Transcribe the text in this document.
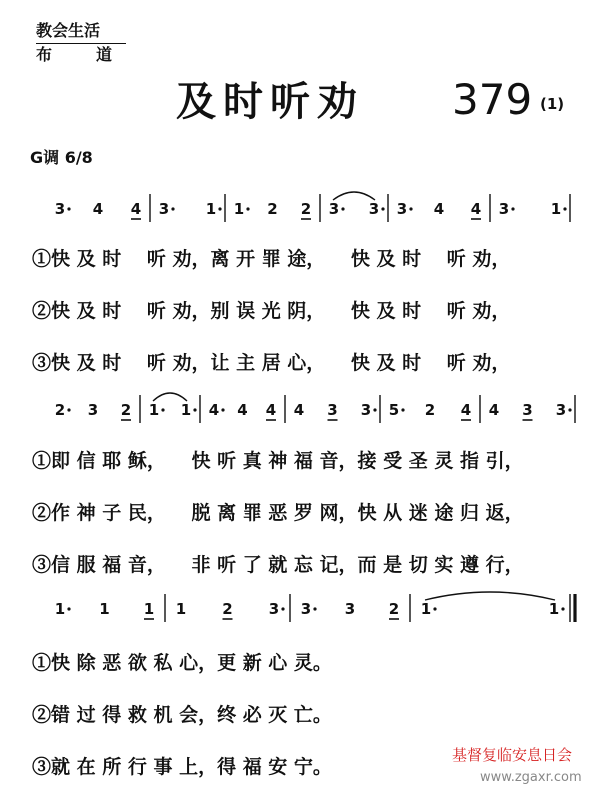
教会生活
布　道
及时听劝 379 (1)
G调 6/8
3 4 4 3 1 1 2 2 3 3 3 4 4 3	1
2 3 2 1 1 4 4 4 4 3 3 5 2 4 4 3 3
1 1 1 1 2 3 3 3 2 1	1
①快 及 时 　听 劝，离 开 罪 途， 　快 及 时 　听 劝，
②快 及 时 　听 劝，别 误 光 阴， 　快 及 时 　听 劝，
③快 及 时 　听 劝，让 主 居 心， 　快 及 时 　听 劝，
①即 信 耶 稣， 　快 听 真 神 福 音，接 受 圣 灵 指 引，
②作 神 子 民， 　脱 离 罪 恶 罗 网，快 从 迷 途 归 返，
③信 服 福 音， 　非 听 了 就 忘 记，而 是 切 实 遵 行，
①快 除 恶 欲 私 心，更 新 心 灵。
②错 过 得 救 机 会，终 必 灭 亡。
③就 在 所 行 事 上，得 福 安 宁。
基督复临安息日会
www.zgaxr.com
